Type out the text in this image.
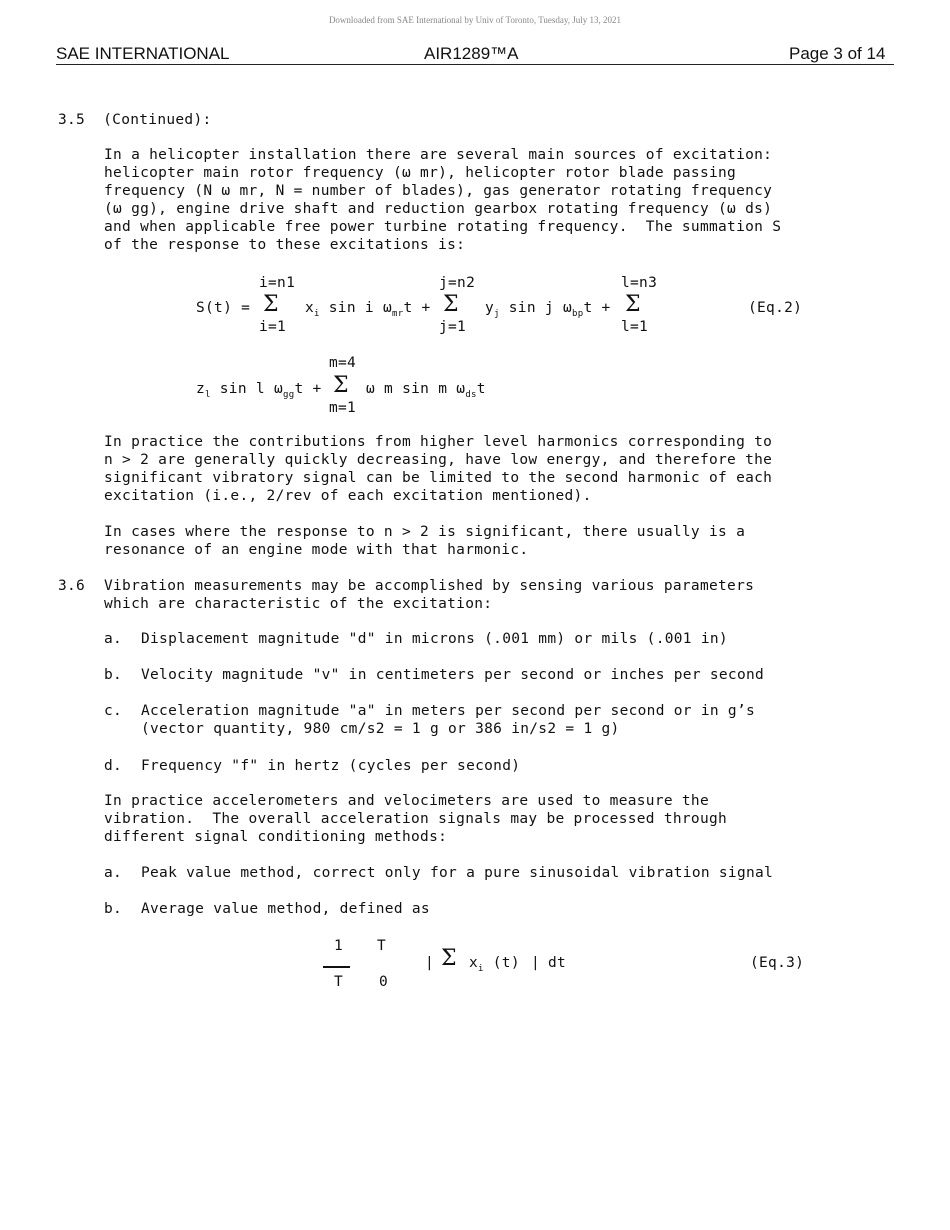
Downloaded from SAE International by Univ of Toronto, Tuesday, July 13, 2021
SAE INTERNATIONAL	AIR1289™A	Page 3 of 14
3.5  (Continued):
In a helicopter installation there are several main sources of excitation:
helicopter main rotor frequency (ω mr), helicopter rotor blade passing
frequency (N ω mr, N = number of blades), gas generator rotating frequency
(ω gg), engine drive shaft and reduction gearbox rotating frequency (ω ds)
and when applicable free power turbine rotating frequency.  The summation S
of the response to these excitations is:
i=n1	j=n2	l=n3
S(t) = Σ $x_i$ sin i $\omega_{mr}t + \Sigma$ $y_j$ sin j $\omega_{bp}t + \Sigma$	(Eq.2)
i=1	j=1	l=1
m=4
$z_l$ sin l $\omega_{gg}t + \Sigma$ ω m sin m $\omega_{ds}t$
m=1
In practice the contributions from higher level harmonics corresponding to
n > 2 are generally quickly decreasing, have low energy, and therefore the
significant vibratory signal can be limited to the second harmonic of each
excitation (i.e., 2/rev of each excitation mentioned).
In cases where the response to n > 2 is significant, there usually is a
resonance of an engine mode with that harmonic.
3.6 Vibration measurements may be accomplished by sensing various parameters
which are characteristic of the excitation:
a. Displacement magnitude "d" in microns (.001 mm) or mils (.001 in)
b. Velocity magnitude "v" in centimeters per second or inches per second
c. Acceleration magnitude "a" in meters per second per second or in g’s
(vector quantity, 980 cm/s2 = 1 g or 386 in/s2 = 1 g)
d. Frequency "f" in hertz (cycles per second)
In practice accelerometers and velocimeters are used to measure the
vibration.  The overall acceleration signals may be processed through
different signal conditioning methods:
a. Peak value method, correct only for a pure sinusoidal vibration signal
b. Average value method, defined as
1 T
| Σ $x_i$ (t) | dt	(Eq.3)
T 0
